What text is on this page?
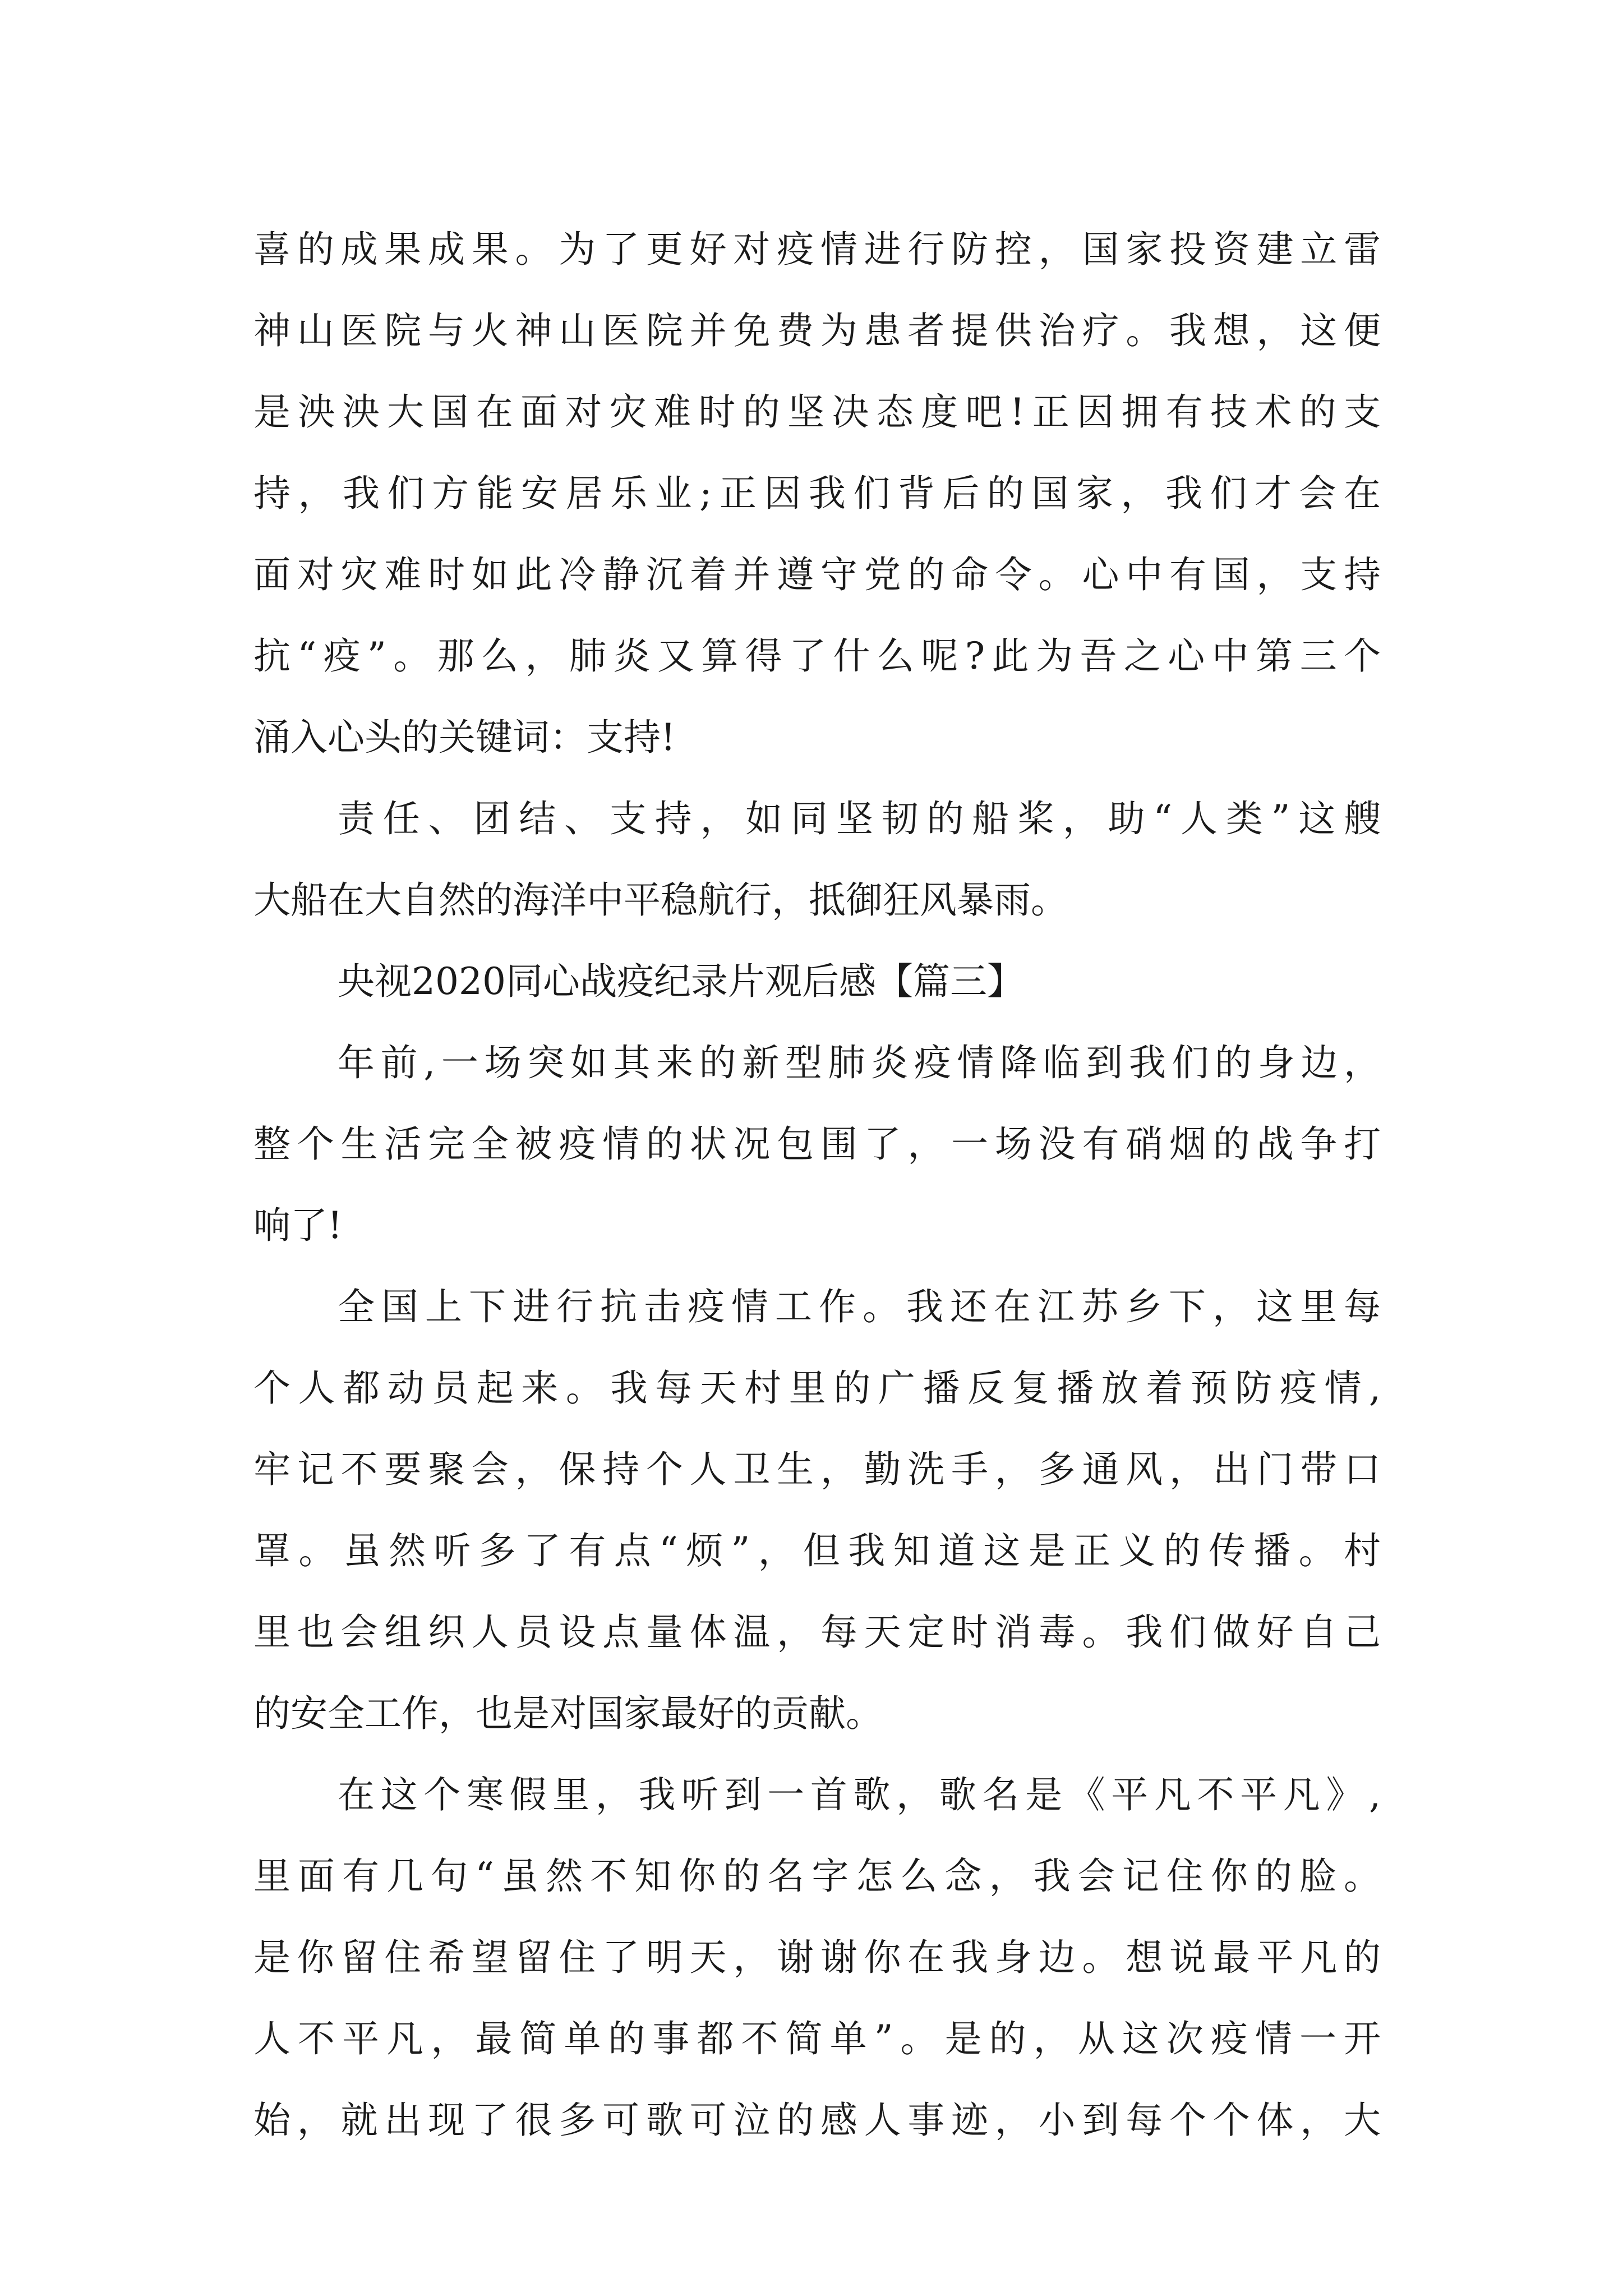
喜的成果成果。为了更好对疫情进行防控，国家投资建立雷
神山医院与火神山医院并免费为患者提供治疗。我想，这便
是泱泱大国在面对灾难时的坚决态度吧!正因拥有技术的支
持，我们方能安居乐业;正因我们背后的国家，我们才会在
面对灾难时如此冷静沉着并遵守党的命令。心中有国，支持
抗“疫”。那么，肺炎又算得了什么呢?此为吾之心中第三个
涌入心头的关键词：支持!
责任、团结、支持，如同坚韧的船桨，助“人类”这艘
大船在大自然的海洋中平稳航行，抵御狂风暴雨。
央视2020同心战疫纪录片观后感【篇三】
年前,一场突如其来的新型肺炎疫情降临到我们的身边，
整个生活完全被疫情的状况包围了，一场没有硝烟的战争打
响了!
全国上下进行抗击疫情工作。我还在江苏乡下，这里每
个人都动员起来。我每天村里的广播反复播放着预防疫情,
牢记不要聚会，保持个人卫生，勤洗手，多通风，出门带口
罩。虽然听多了有点“烦”，但我知道这是正义的传播。村
里也会组织人员设点量体温，每天定时消毒。我们做好自己
的安全工作，也是对国家最好的贡献。
在这个寒假里，我听到一首歌，歌名是《平凡不平凡》,
里面有几句“虽然不知你的名字怎么念，我会记住你的脸。
是你留住希望留住了明天，谢谢你在我身边。想说最平凡的
人不平凡，最简单的事都不简单”。是的，从这次疫情一开
始，就出现了很多可歌可泣的感人事迹，小到每个个体，大
